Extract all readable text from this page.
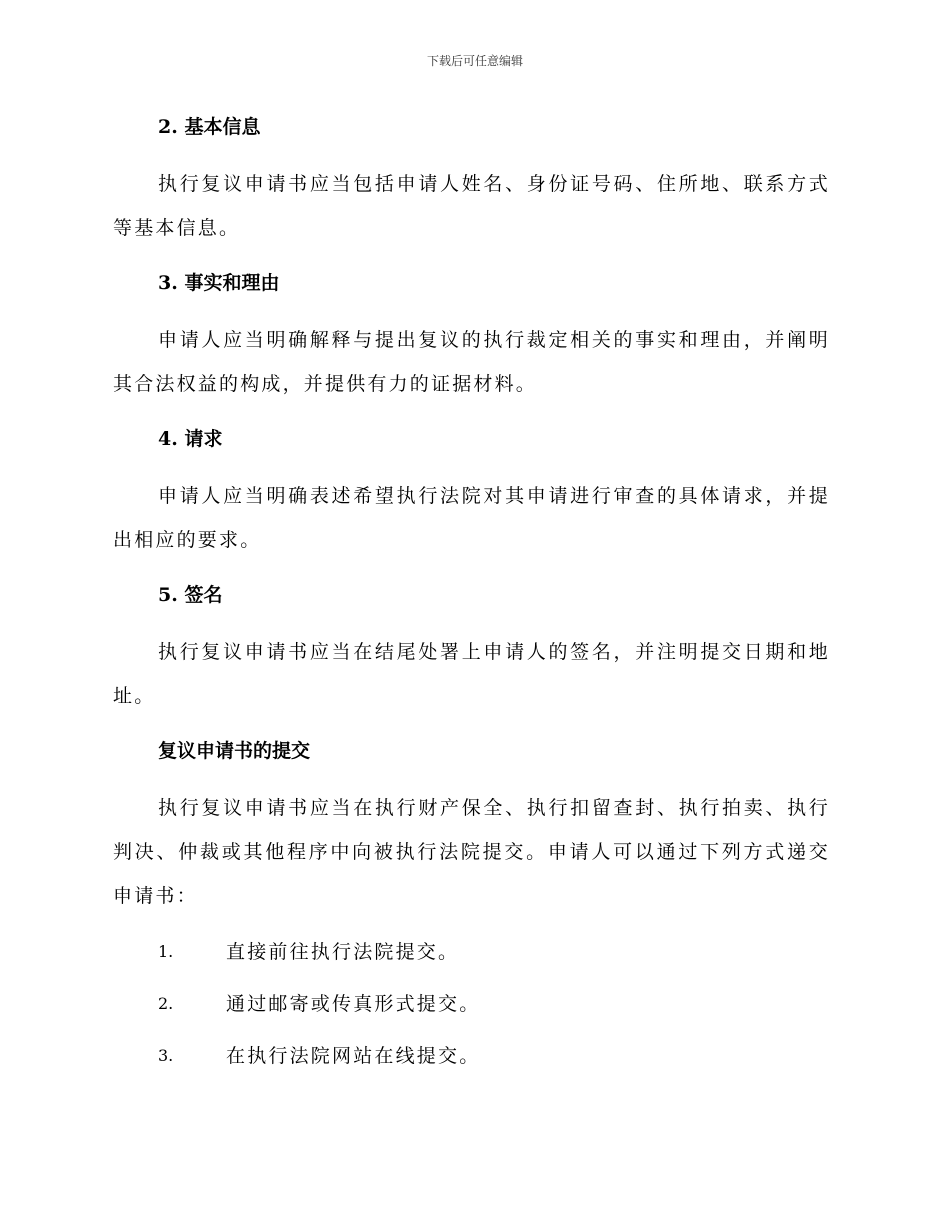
下载后可任意编辑
2. 基本信息

执行复议申请书应当包括申请人姓名、身份证号码、住所地、联系方式等基本信息。

3. 事实和理由

申请人应当明确解释与提出复议的执行裁定相关的事实和理由，并阐明其合法权益的构成，并提供有力的证据材料。

4. 请求

申请人应当明确表述希望执行法院对其申请进行审查的具体请求，并提出相应的要求。

5. 签名

执行复议申请书应当在结尾处署上申请人的签名，并注明提交日期和地址。

复议申请书的提交

执行复议申请书应当在执行财产保全、执行扣留查封、执行拍卖、执行判决、仲裁或其他程序中向被执行法院提交。申请人可以通过下列方式递交申请书：

1.	直接前往执行法院提交。
2.	通过邮寄或传真形式提交。
3.	在执行法院网站在线提交。
